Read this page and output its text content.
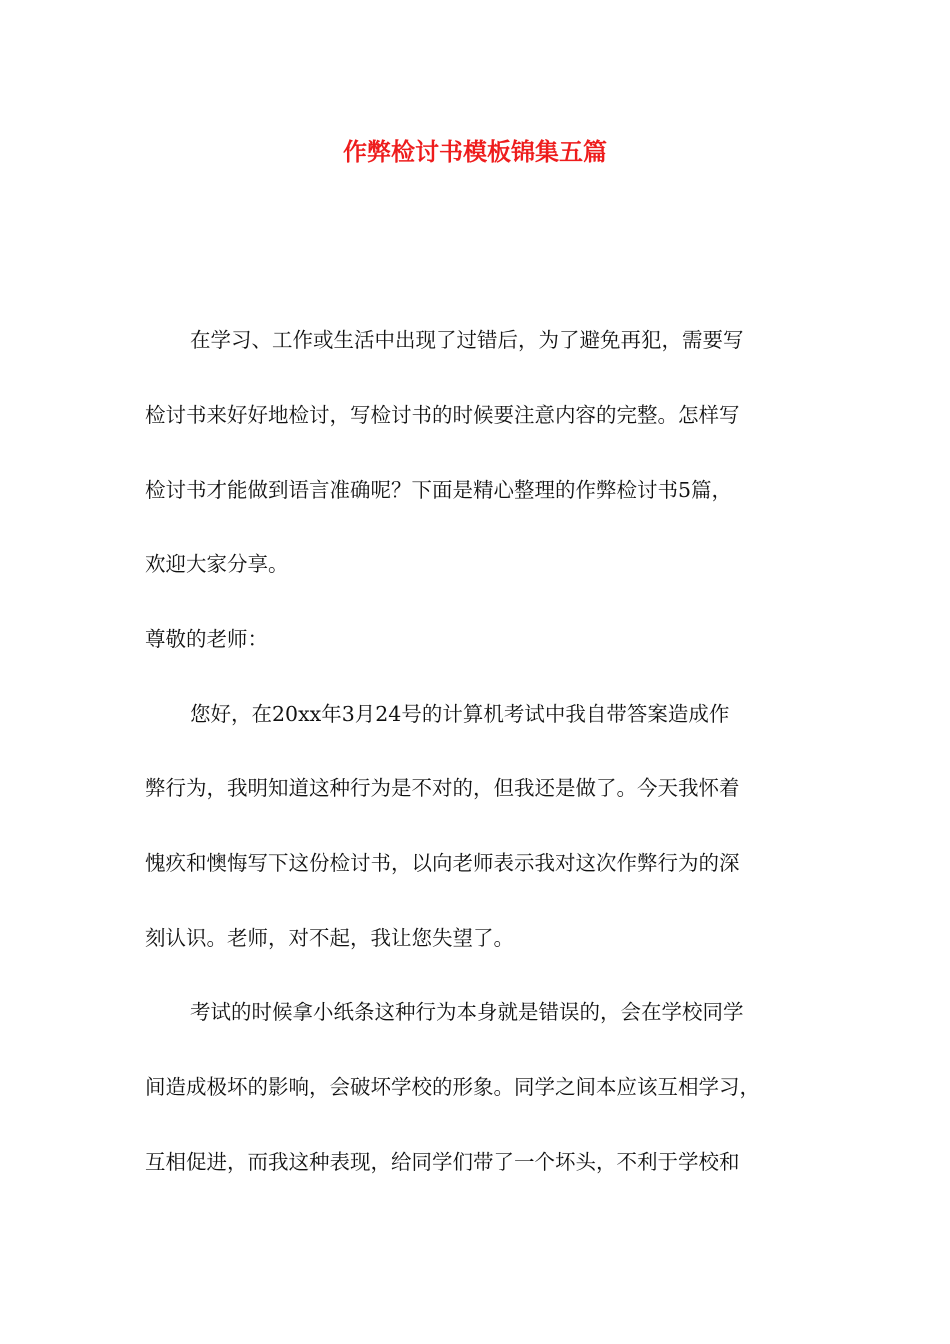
作弊检讨书模板锦集五篇

在学习、工作或生活中出现了过错后，为了避免再犯，需要写

检讨书来好好地检讨，写检讨书的时候要注意内容的完整。怎样写

检讨书才能做到语言准确呢？下面是精心整理的作弊检讨书5篇，

欢迎大家分享。

尊敬的老师：

您好，在20xx年3月24号的计算机考试中我自带答案造成作

弊行为，我明知道这种行为是不对的，但我还是做了。今天我怀着

愧疚和懊悔写下这份检讨书，以向老师表示我对这次作弊行为的深

刻认识。老师，对不起，我让您失望了。

考试的时候拿小纸条这种行为本身就是错误的，会在学校同学

间造成极坏的影响，会破坏学校的形象。同学之间本应该互相学习，

互相促进，而我这种表现，给同学们带了一个坏头，不利于学校和
